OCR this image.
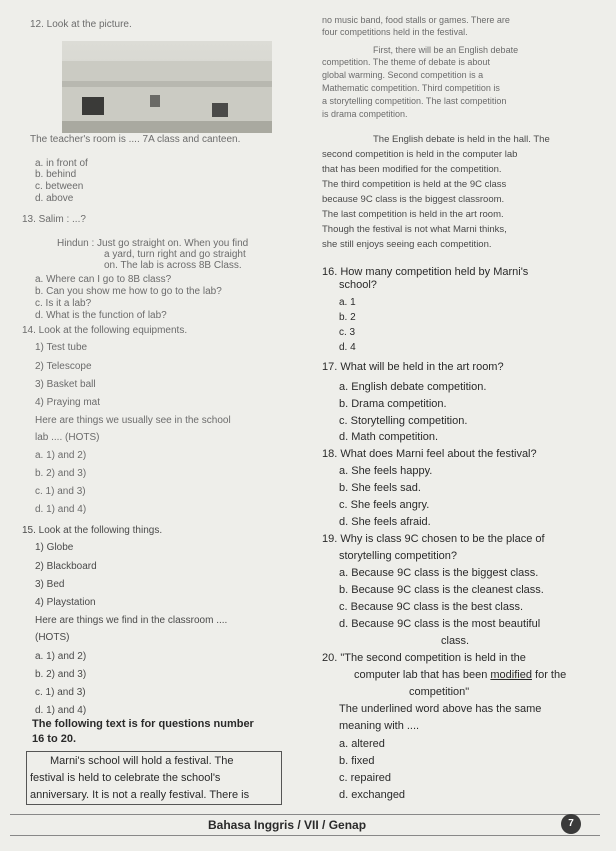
12. Look at the picture.
The teacher's room is .... 7A class and canteen.
a. in front of
b. behind
c. between
d. above
13. Salim : ...?
Hindun : Just go straight on. When you find
a yard, turn right and go straight
on. The lab is across 8B Class.
a. Where can I go to 8B class?
b. Can you show me how to go to the lab?
c. Is it a lab?
d. What is the function of lab?
14. Look at the following equipments.
1) Test tube
2) Telescope
3) Basket ball
4) Praying mat
Here are things we usually see in the school
lab .... (HOTS)
a. 1) and 2)
b. 2) and 3)
c. 1) and 3)
d. 1) and 4)
15. Look at the following things.
1) Globe
2) Blackboard
3) Bed
4) Playstation
Here are things we find in the classroom ....
(HOTS)
a. 1) and 2)
b. 2) and 3)
c. 1) and 3)
d. 1) and 4)
The following text is for questions number
16 to 20.
Marni's school will hold a festival. The
festival is held to celebrate the school's
anniversary. It is not a really festival. There is
no music band, food stalls or games. There are
four competitions held in the festival.
First, there will be an English debate
competition. The theme of debate is about
global warming. Second competition is a
Mathematic competition. Third competition is
a storytelling competition. The last competition
is drama competition.
The English debate is held in the hall. The
second competition is held in the computer lab
that has been modified for the competition.
The third competition is held at the 9C class
because 9C class is the biggest classroom.
The last competition is held in the art room.
Though the festival is not what Marni thinks,
she still enjoys seeing each competition.
16. How many competition held by Marni's
school?
a. 1
b. 2
c. 3
d. 4
17. What will be held in the art room?
a. English debate competition.
b. Drama competition.
c. Storytelling competition.
d. Math competition.
18. What does Marni feel about the festival?
a. She feels happy.
b. She feels sad.
c. She feels angry.
d. She feels afraid.
19. Why is class 9C chosen to be the place of
storytelling competition?
a. Because 9C class is the biggest class.
b. Because 9C class is the cleanest class.
c. Because 9C class is the best class.
d. Because 9C class is the most beautiful
class.
20. "The second competition is held in the
computer lab that has been modified for the
competition"
The underlined word above has the same
meaning with ....
a. altered
b. fixed
c. repaired
d. exchanged
Bahasa Inggris / VII / Genap	7
